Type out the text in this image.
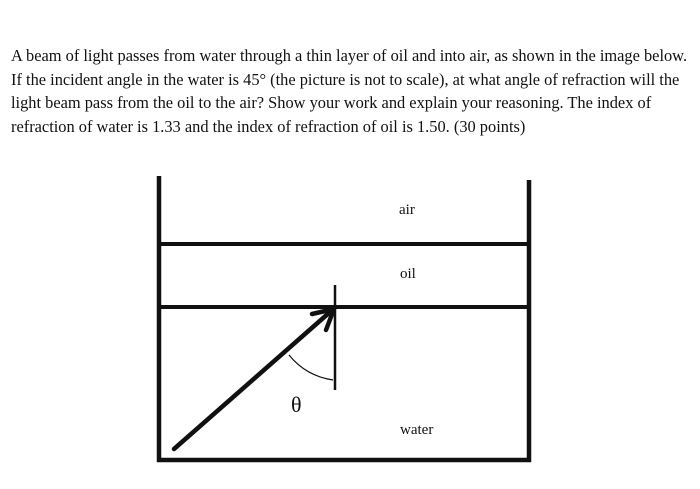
A beam of light passes from water through a thin layer of oil and into air, as shown in the image below.
If the incident angle in the water is 45° (the picture is not to scale), at what angle of refraction will the
light beam pass from the oil to the air? Show your work and explain your reasoning. The index of
refraction of water is 1.33 and the index of refraction of oil is 1.50. (30 points)
air
oil
water
θ
